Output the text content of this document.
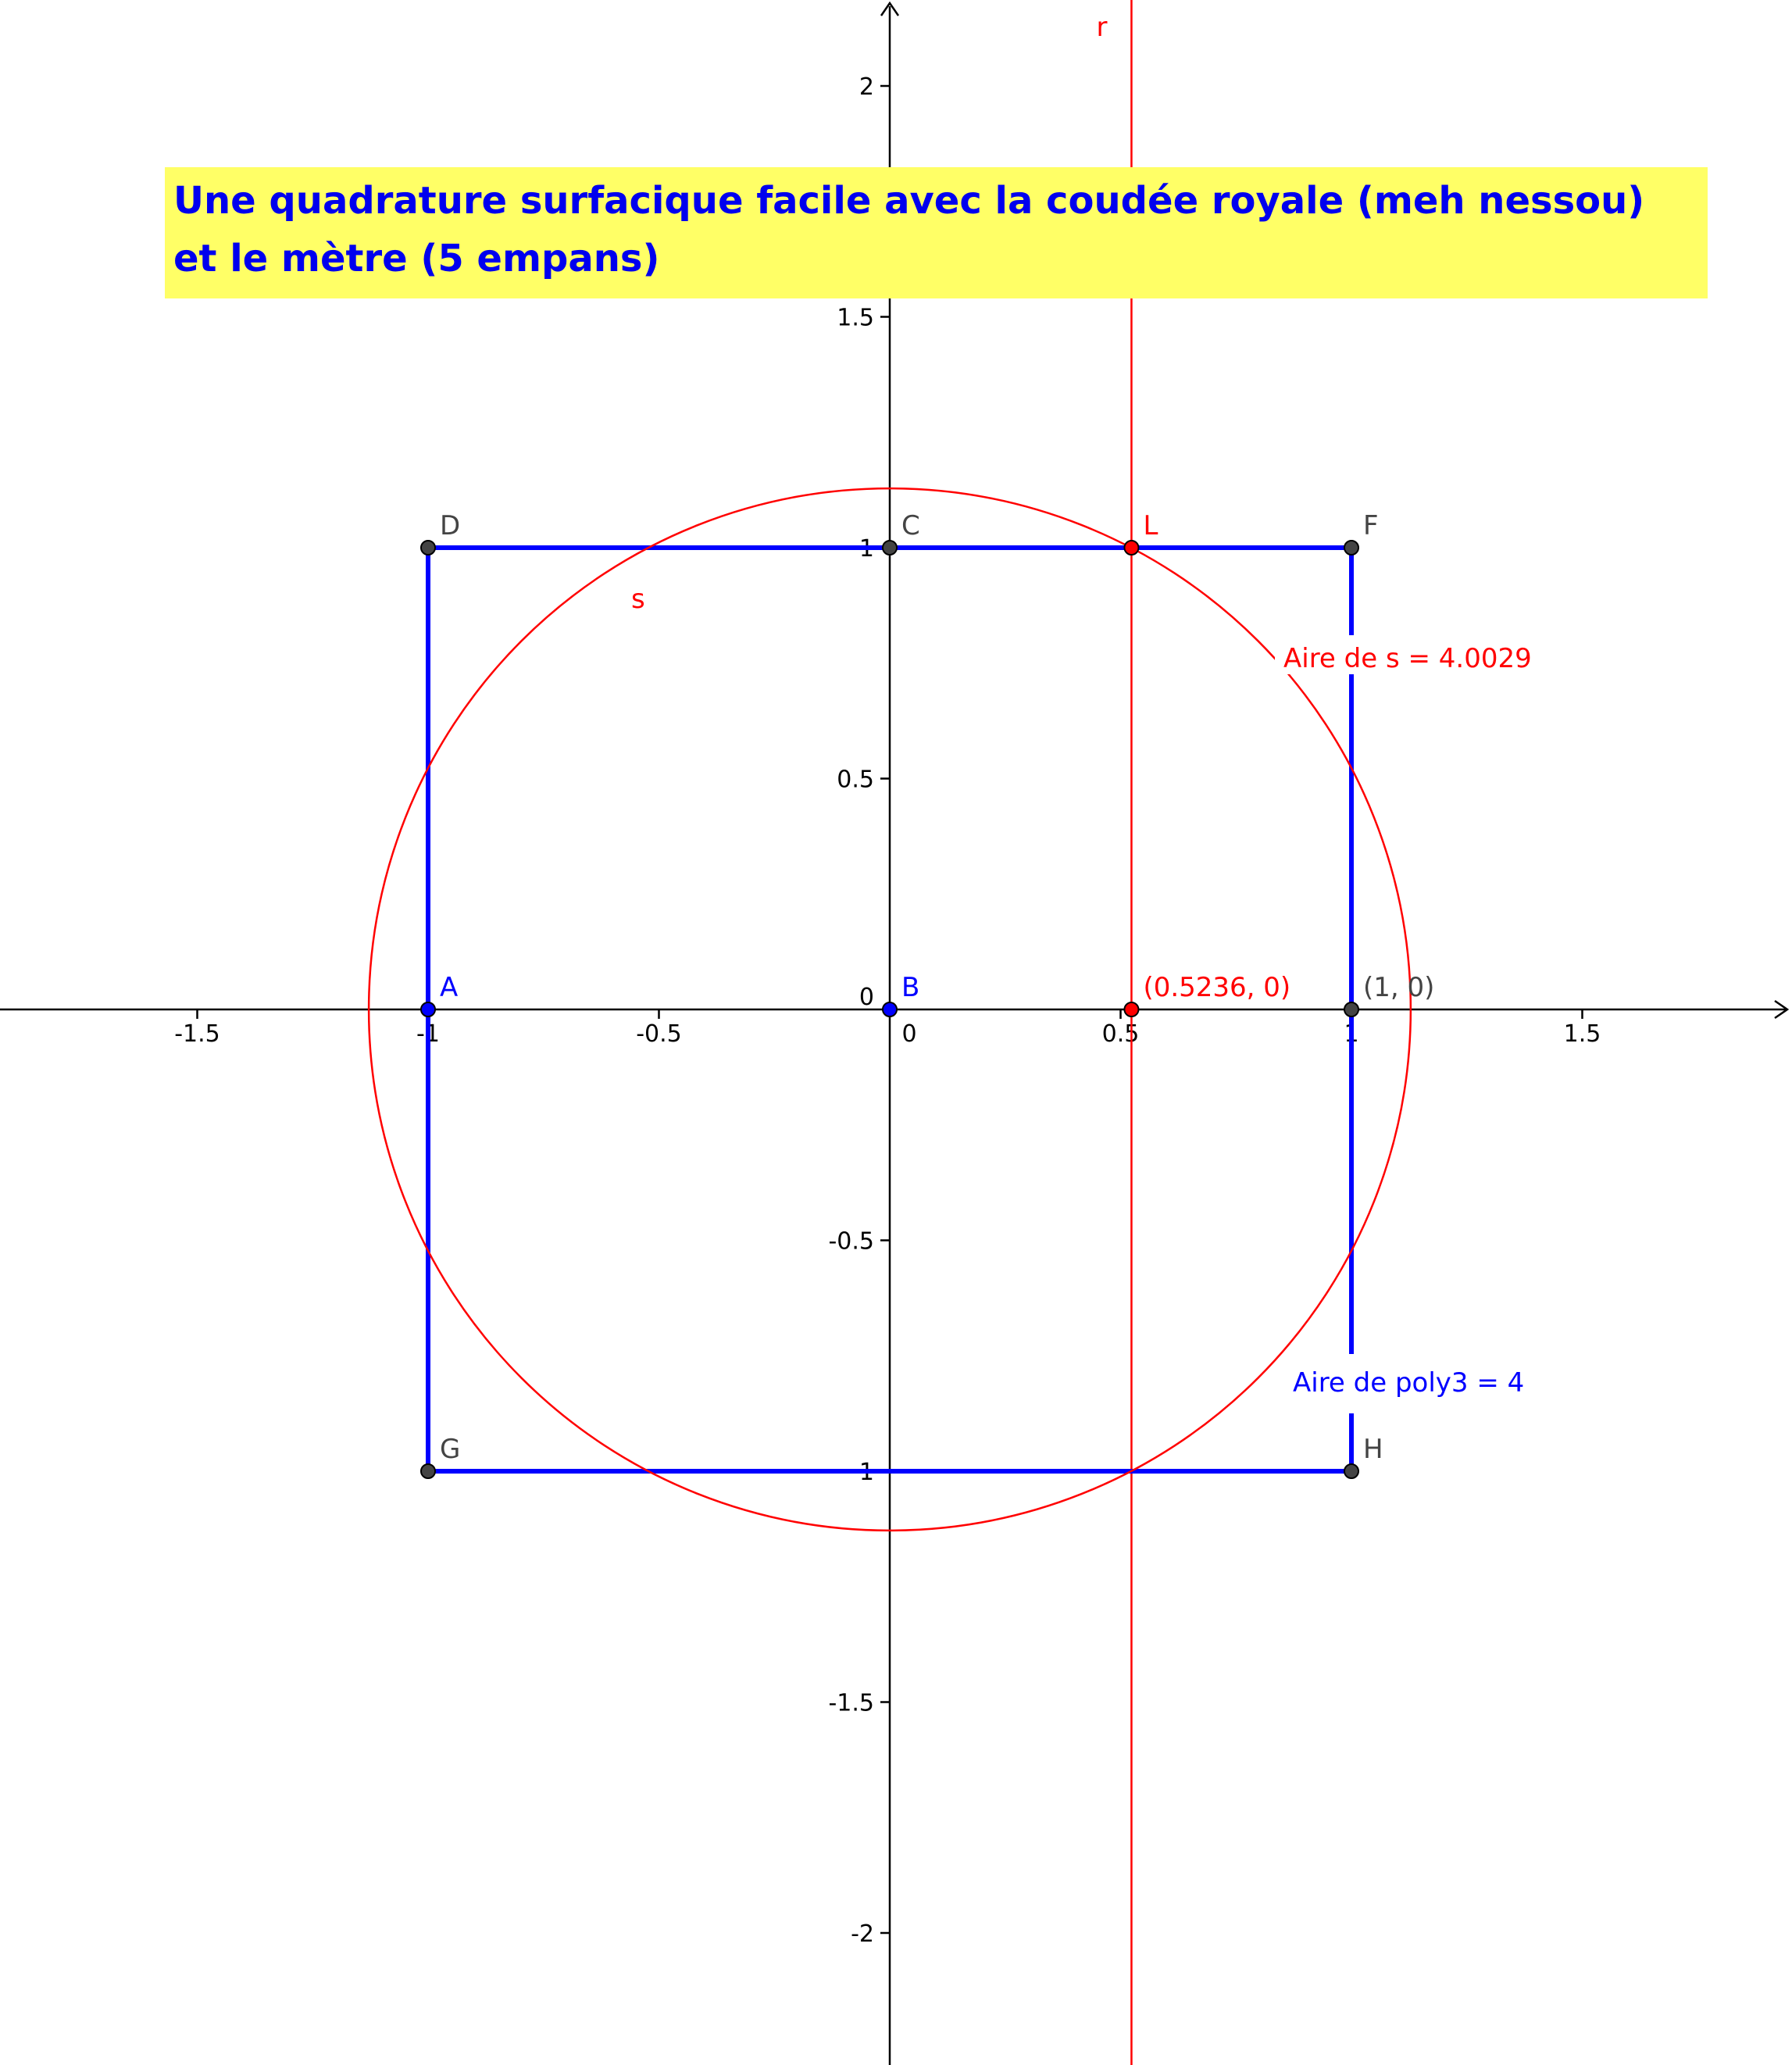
-1.5	-1	-0.5	0	0.5	1	1.5
2
1.5
1
0.5
0
-0.5
1
-1.5
-2
r
s
Aire de s = 4.0029
Aire de poly3 = 4
A	B
C
D	F
G	H
L
(0.5236, 0)	(1, 0)
Une quadrature surfacique facile avec la coudée royale (meh nessou)
et le mètre (5 empans)
